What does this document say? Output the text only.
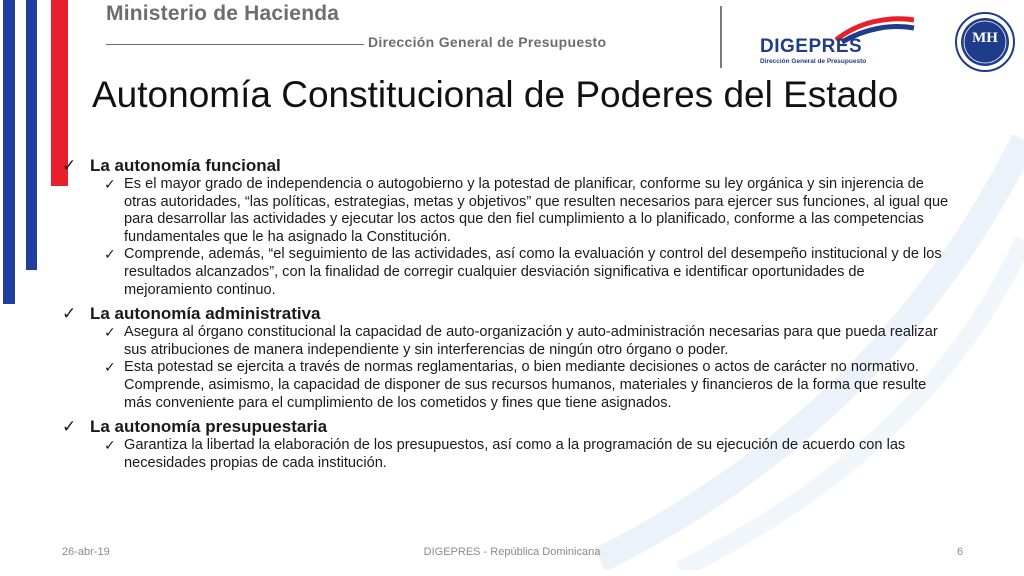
Ministerio de Hacienda
Dirección General de Presupuesto	DIGEPRES
Dirección General de Presupuesto
MH
Autonomía Constitucional de Poderes del Estado
✓ La autonomía funcional
✓ Es el mayor grado de independencia o autogobierno y la potestad de planificar, conforme su ley orgánica y sin injerencia de otras autoridades, “las políticas, estrategias, metas y objetivos” que resulten necesarios para ejercer sus funciones, al igual que para desarrollar las actividades y ejecutar los actos que den fiel cumplimiento a lo planificado, conforme a las competencias fundamentales que le ha asignado la Constitución.
✓ Comprende, además, “el seguimiento de las actividades, así como la evaluación y control del desempeño institucional y de los resultados alcanzados”, con la finalidad de corregir cualquier desviación significativa e identificar oportunidades de mejoramiento continuo.
✓ La autonomía administrativa
✓ Asegura al órgano constitucional la capacidad de auto-organización y auto-administración necesarias para que pueda realizar sus atribuciones de manera independiente y sin interferencias de ningún otro órgano o poder.
✓ Esta potestad se ejercita a través de normas reglamentarias, o bien mediante decisiones o actos de carácter no normativo. Comprende, asimismo, la capacidad de disponer de sus recursos humanos, materiales y financieros de la forma que resulte más conveniente para el cumplimiento de los cometidos y fines que tiene asignados.
✓ La autonomía presupuestaria
✓ Garantiza la libertad la elaboración de los presupuestos, así como a la programación de su ejecución de acuerdo con las necesidades propias de cada institución.
26-abr-19	DIGEPRES - República Dominicana	6
